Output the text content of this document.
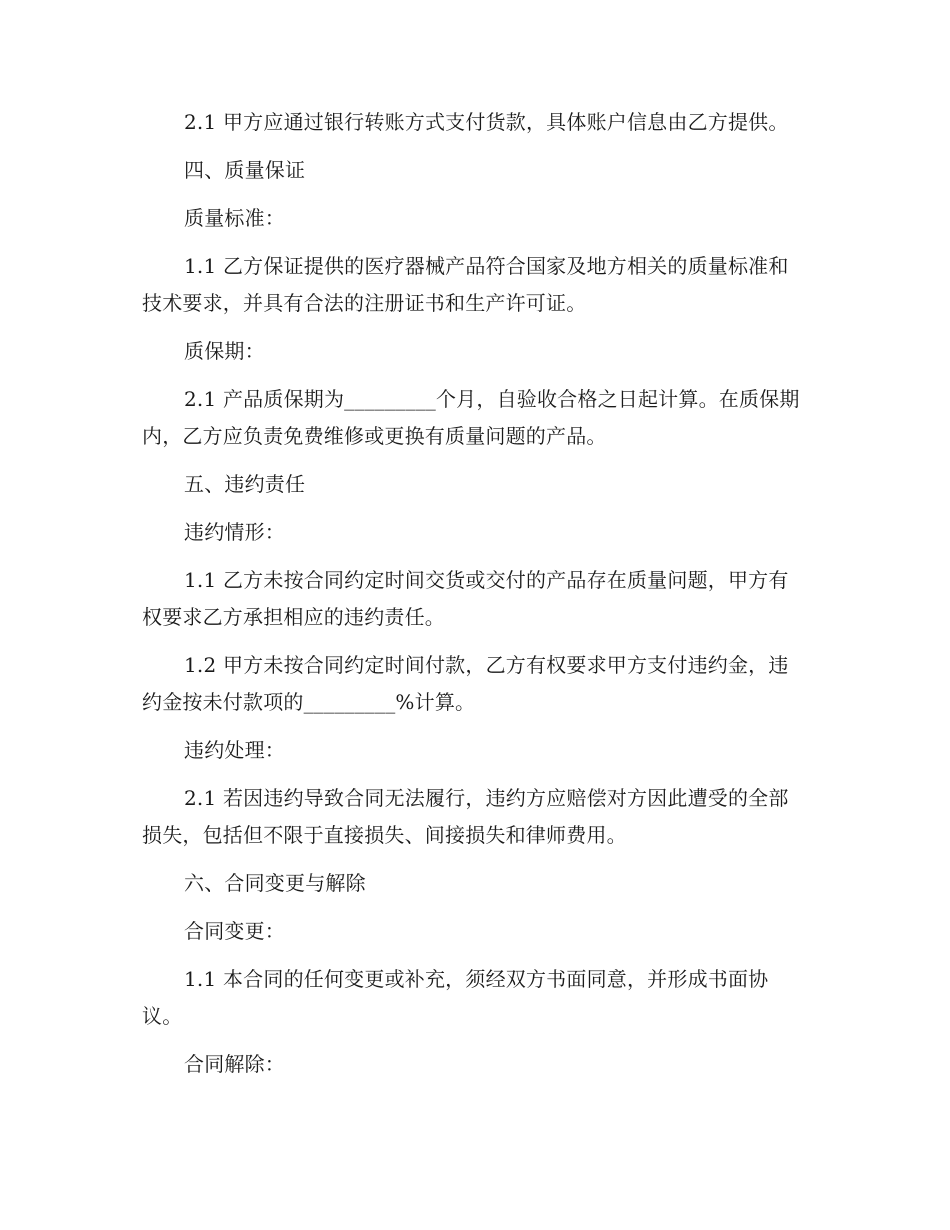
2.1 甲方应通过银行转账方式支付货款，具体账户信息由乙方提供。

四、质量保证

质量标准：

1.1 乙方保证提供的医疗器械产品符合国家及地方相关的质量标准和技术要求，并具有合法的注册证书和生产许可证。

质保期：

2.1 产品质保期为_________个月，自验收合格之日起计算。在质保期内，乙方应负责免费维修或更换有质量问题的产品。

五、违约责任

违约情形：

1.1 乙方未按合同约定时间交货或交付的产品存在质量问题，甲方有权要求乙方承担相应的违约责任。

1.2 甲方未按合同约定时间付款，乙方有权要求甲方支付违约金，违约金按未付款项的_________%计算。

违约处理：

2.1 若因违约导致合同无法履行，违约方应赔偿对方因此遭受的全部损失，包括但不限于直接损失、间接损失和律师费用。

六、合同变更与解除

合同变更：

1.1 本合同的任何变更或补充，须经双方书面同意，并形成书面协议。

合同解除：
